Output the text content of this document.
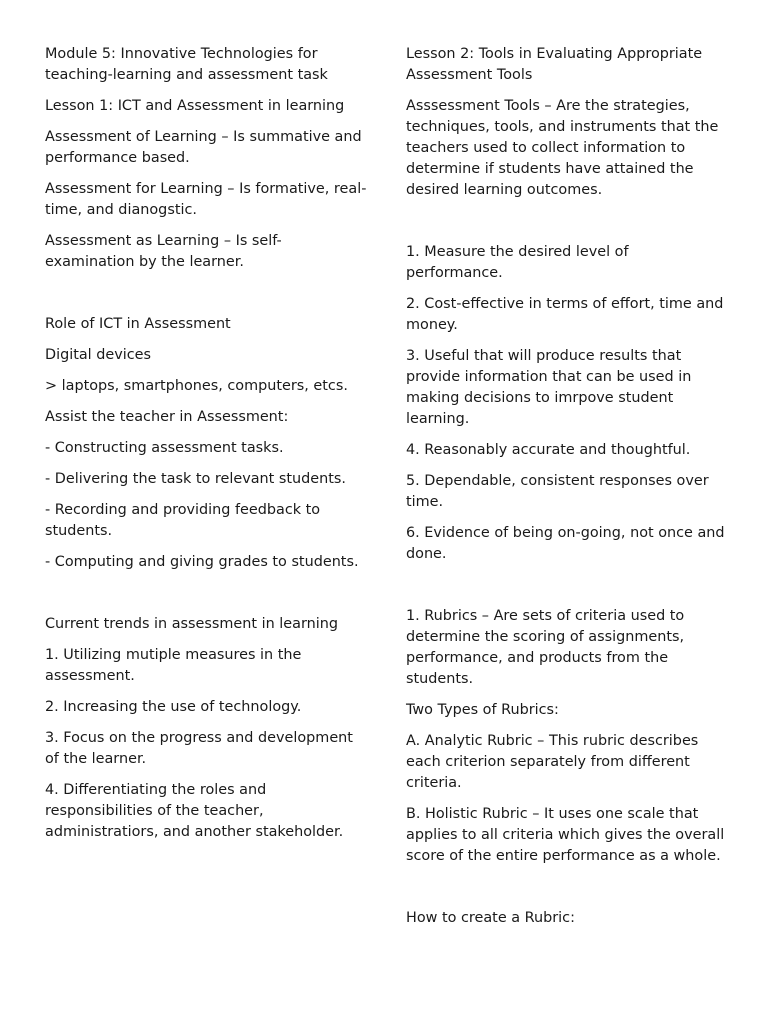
Module 5: Innovative Technologies for teaching-learning and assessment task

Lesson 1: ICT and Assessment in learning

Assessment of Learning – Is summative and performance based.

Assessment for Learning – Is formative, real-time, and dianogstic.

Assessment as Learning – Is self-examination by the learner.

Role of ICT in Assessment

Digital devices

> laptops, smartphones, computers, etcs.

Assist the teacher in Assessment:

- Constructing assessment tasks.

- Delivering the task to relevant students.

- Recording and providing feedback to students.

- Computing and giving grades to students.

Current trends in assessment in learning

1. Utilizing mutiple measures in the assessment.

2. Increasing the use of technology.

3. Focus on the progress and development of the learner.

4. Differentiating the roles and responsibilities of the teacher, administratiors, and another stakeholder.

Lesson 2: Tools in Evaluating Appropriate Assessment Tools

Asssessment Tools – Are the strategies, techniques, tools, and instruments that the teachers used to collect information to determine if students have attained the desired learning outcomes.

1. Measure the desired level of performance.

2. Cost-effective in terms of effort, time and money.

3. Useful that will produce results that provide information that can be used in making decisions to imrpove student learning.

4. Reasonably accurate and thoughtful.

5. Dependable, consistent responses over time.

6. Evidence of being on-going, not once and done.

1. Rubrics – Are sets of criteria used to determine the scoring of assignments, performance, and products from the students.

Two Types of Rubrics:

A. Analytic Rubric – This rubric describes each criterion separately from different criteria.

B. Holistic Rubric – It uses one scale that applies to all criteria which gives the overall score of the entire performance as a whole.

How to create a Rubric:
